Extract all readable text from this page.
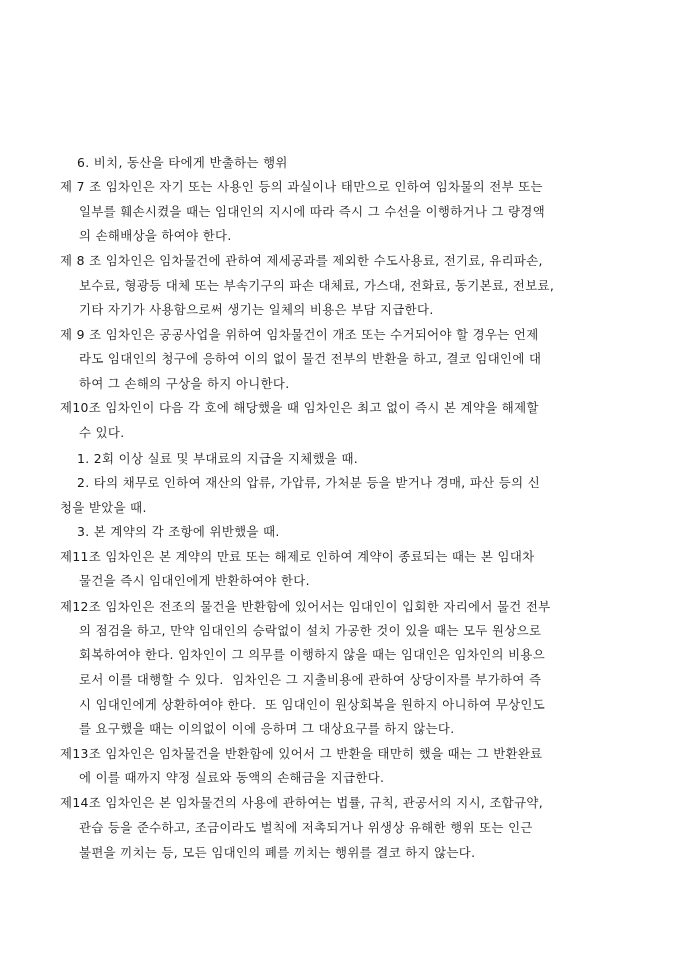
6. 비치, 동산을 타에게 반출하는 행위
제 7 조 임차인은 자기 또는 사용인 등의 과실이나 태만으로 인하여 임차물의 전부 또는
일부를 훼손시켰을 때는 임대인의 지시에 따라 즉시 그 수선을 이행하거나 그 량경액
의 손해배상을 하여야 한다.
제 8 조 임차인은 임차물건에 관하여 제세공과를 제외한 수도사용료, 전기료, 유리파손,
보수료, 형광등 대체 또는 부속기구의 파손 대체료, 가스대, 전화료, 동기본료, 전보료,
기타 자기가 사용함으로써 생기는 일체의 비용은 부담 지급한다.
제 9 조 임차인은 공공사업을 위하여 임차물건이 개조 또는 수거되어야 할 경우는 언제
라도 임대인의 청구에 응하여 이의 없이 물건 전부의 반환을 하고, 결코 임대인에 대
하여 그 손해의 구상을 하지 아니한다.
제10조 임차인이 다음 각 호에 해당했을 때 임차인은 최고 없이 즉시 본 계약을 해제할
수 있다.
1. 2회 이상 실료 및 부대료의 지급을 지체했을 때.
2. 타의 채무로 인하여 재산의 압류, 가압류, 가처분 등을 받거나 경매, 파산 등의 신
청을 받았을 때.
3. 본 계약의 각 조항에 위반했을 때.
제11조 임차인은 본 계약의 만료 또는 해제로 인하여 계약이 종료되는 때는 본 임대차
물건을 즉시 임대인에게 반환하여야 한다.
제12조 임차인은 전조의 물건을 반환함에 있어서는 임대인이 입회한 자리에서 물건 전부
의 점검을 하고, 만약 임대인의 승락없이 설치 가공한 것이 있을 때는 모두 원상으로
회복하여야 한다. 임차인이 그 의무를 이행하지 않을 때는 임대인은 임차인의 비용으
로서 이를 대행할 수 있다.  임차인은 그 지출비용에 관하여 상당이자를 부가하여 즉
시 임대인에게 상환하여야 한다.  또 임대인이 원상회복을 원하지 아니하여 무상인도
를 요구했을 때는 이의없이 이에 응하며 그 대상요구를 하지 않는다.
제13조 임차인은 임차물건을 반환함에 있어서 그 반환을 태만히 했을 때는 그 반환완료
에 이를 때까지 약정 실료와 동액의 손해금을 지급한다.
제14조 임차인은 본 임차물건의 사용에 관하여는 법률, 규칙, 관공서의 지시, 조합규약,
관습 등을 준수하고, 조금이라도 벌칙에 저촉되거나 위생상 유해한 행위 또는 인근
불편을 끼치는 등, 모든 임대인의 폐를 끼치는 행위를 결코 하지 않는다.
